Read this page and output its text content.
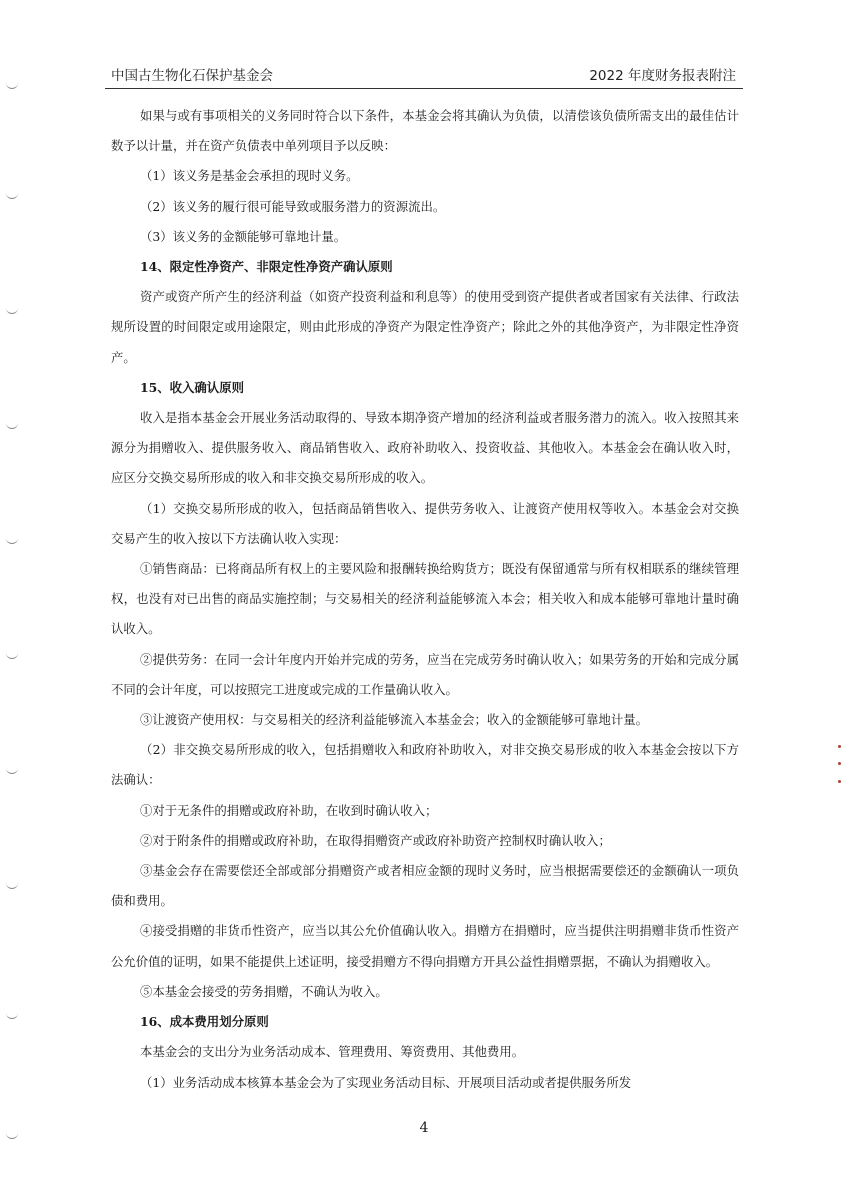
中国古生物化石保护基金会	2022 年度财务报表附注

如果与或有事项相关的义务同时符合以下条件，本基金会将其确认为负债，以清偿该负债所需支出的最佳估计数予以计量，并在资产负债表中单列项目予以反映：

（1）该义务是基金会承担的现时义务。

（2）该义务的履行很可能导致或服务潜力的资源流出。

（3）该义务的金额能够可靠地计量。

14、限定性净资产、非限定性净资产确认原则

资产或资产所产生的经济利益（如资产投资利益和利息等）的使用受到资产提供者或者国家有关法律、行政法规所设置的时间限定或用途限定，则由此形成的净资产为限定性净资产；除此之外的其他净资产，为非限定性净资产。

15、收入确认原则

收入是指本基金会开展业务活动取得的、导致本期净资产增加的经济利益或者服务潜力的流入。收入按照其来源分为捐赠收入、提供服务收入、商品销售收入、政府补助收入、投资收益、其他收入。本基金会在确认收入时，应区分交换交易所形成的收入和非交换交易所形成的收入。

（1）交换交易所形成的收入，包括商品销售收入、提供劳务收入、让渡资产使用权等收入。本基金会对交换交易产生的收入按以下方法确认收入实现：

①销售商品：已将商品所有权上的主要风险和报酬转换给购货方；既没有保留通常与所有权相联系的继续管理权，也没有对已出售的商品实施控制；与交易相关的经济利益能够流入本会；相关收入和成本能够可靠地计量时确认收入。

②提供劳务：在同一会计年度内开始并完成的劳务，应当在完成劳务时确认收入；如果劳务的开始和完成分属不同的会计年度，可以按照完工进度或完成的工作量确认收入。

③让渡资产使用权：与交易相关的经济利益能够流入本基金会；收入的金额能够可靠地计量。

（2）非交换交易所形成的收入，包括捐赠收入和政府补助收入，对非交换交易形成的收入本基金会按以下方法确认：

①对于无条件的捐赠或政府补助，在收到时确认收入；

②对于附条件的捐赠或政府补助，在取得捐赠资产或政府补助资产控制权时确认收入；

③基金会存在需要偿还全部或部分捐赠资产或者相应金额的现时义务时，应当根据需要偿还的金额确认一项负债和费用。

④接受捐赠的非货币性资产，应当以其公允价值确认收入。捐赠方在捐赠时，应当提供注明捐赠非货币性资产公允价值的证明，如果不能提供上述证明，接受捐赠方不得向捐赠方开具公益性捐赠票据，不确认为捐赠收入。

⑤本基金会接受的劳务捐赠，不确认为收入。

16、成本费用划分原则

本基金会的支出分为业务活动成本、管理费用、筹资费用、其他费用。

（1）业务活动成本核算本基金会为了实现业务活动目标、开展项目活动或者提供服务所发

4
